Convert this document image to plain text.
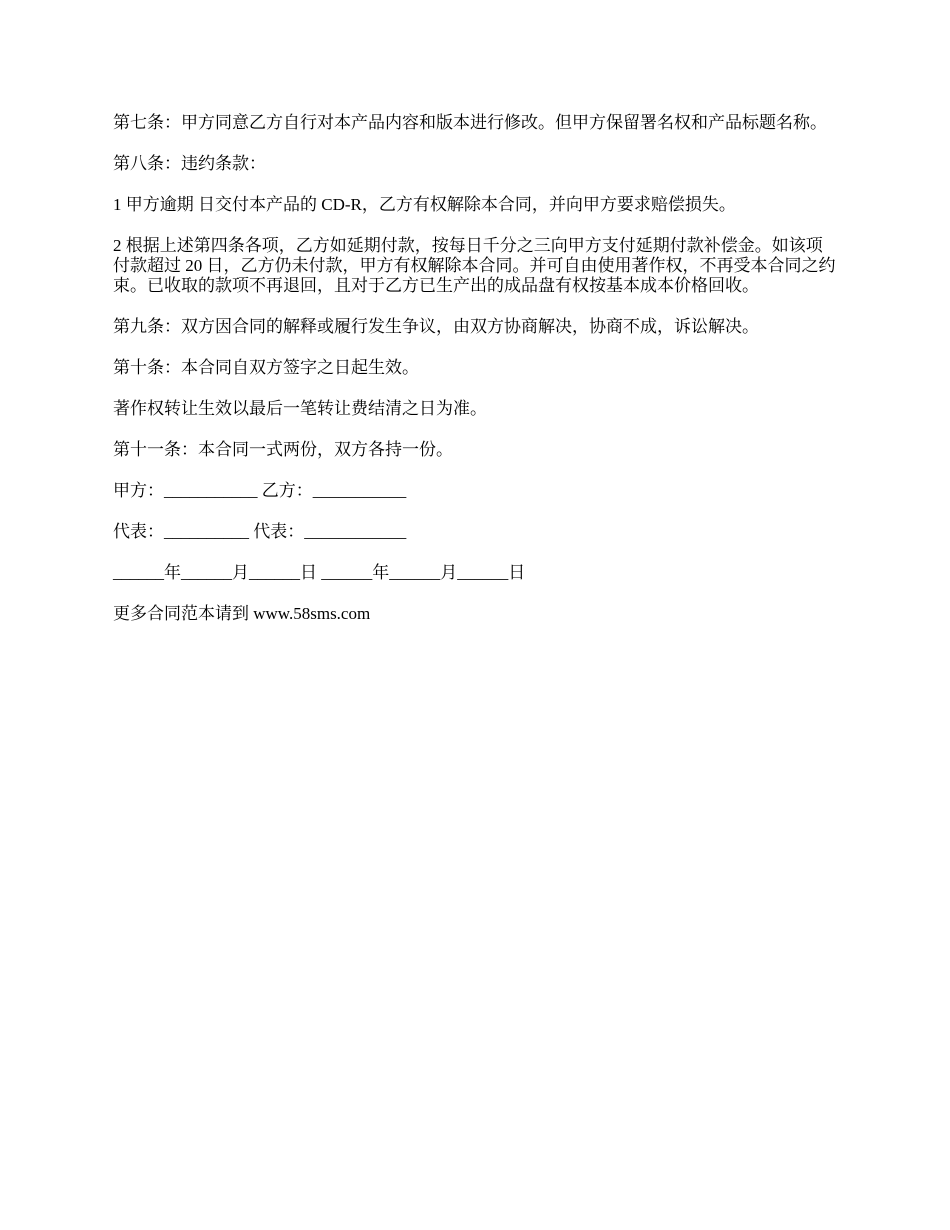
第七条：甲方同意乙方自行对本产品内容和版本进行修改。但甲方保留署名权和产品标题名称。

第八条：违约条款：

1 甲方逾期 日交付本产品的 CD-R，乙方有权解除本合同，并向甲方要求赔偿损失。

2 根据上述第四条各项，乙方如延期付款，按每日千分之三向甲方支付延期付款补偿金。如该项付款超过 20 日，乙方仍未付款，甲方有权解除本合同。并可自由使用著作权，不再受本合同之约束。已收取的款项不再退回，且对于乙方已生产出的成品盘有权按基本成本价格回收。

第九条：双方因合同的解释或履行发生争议，由双方协商解决，协商不成，诉讼解决。

第十条：本合同自双方签字之日起生效。

著作权转让生效以最后一笔转让费结清之日为准。

第十一条：本合同一式两份，双方各持一份。

甲方：___________ 乙方：___________

代表：__________ 代表：____________

______年______月______日 ______年______月______日

更多合同范本请到 www.58sms.com
